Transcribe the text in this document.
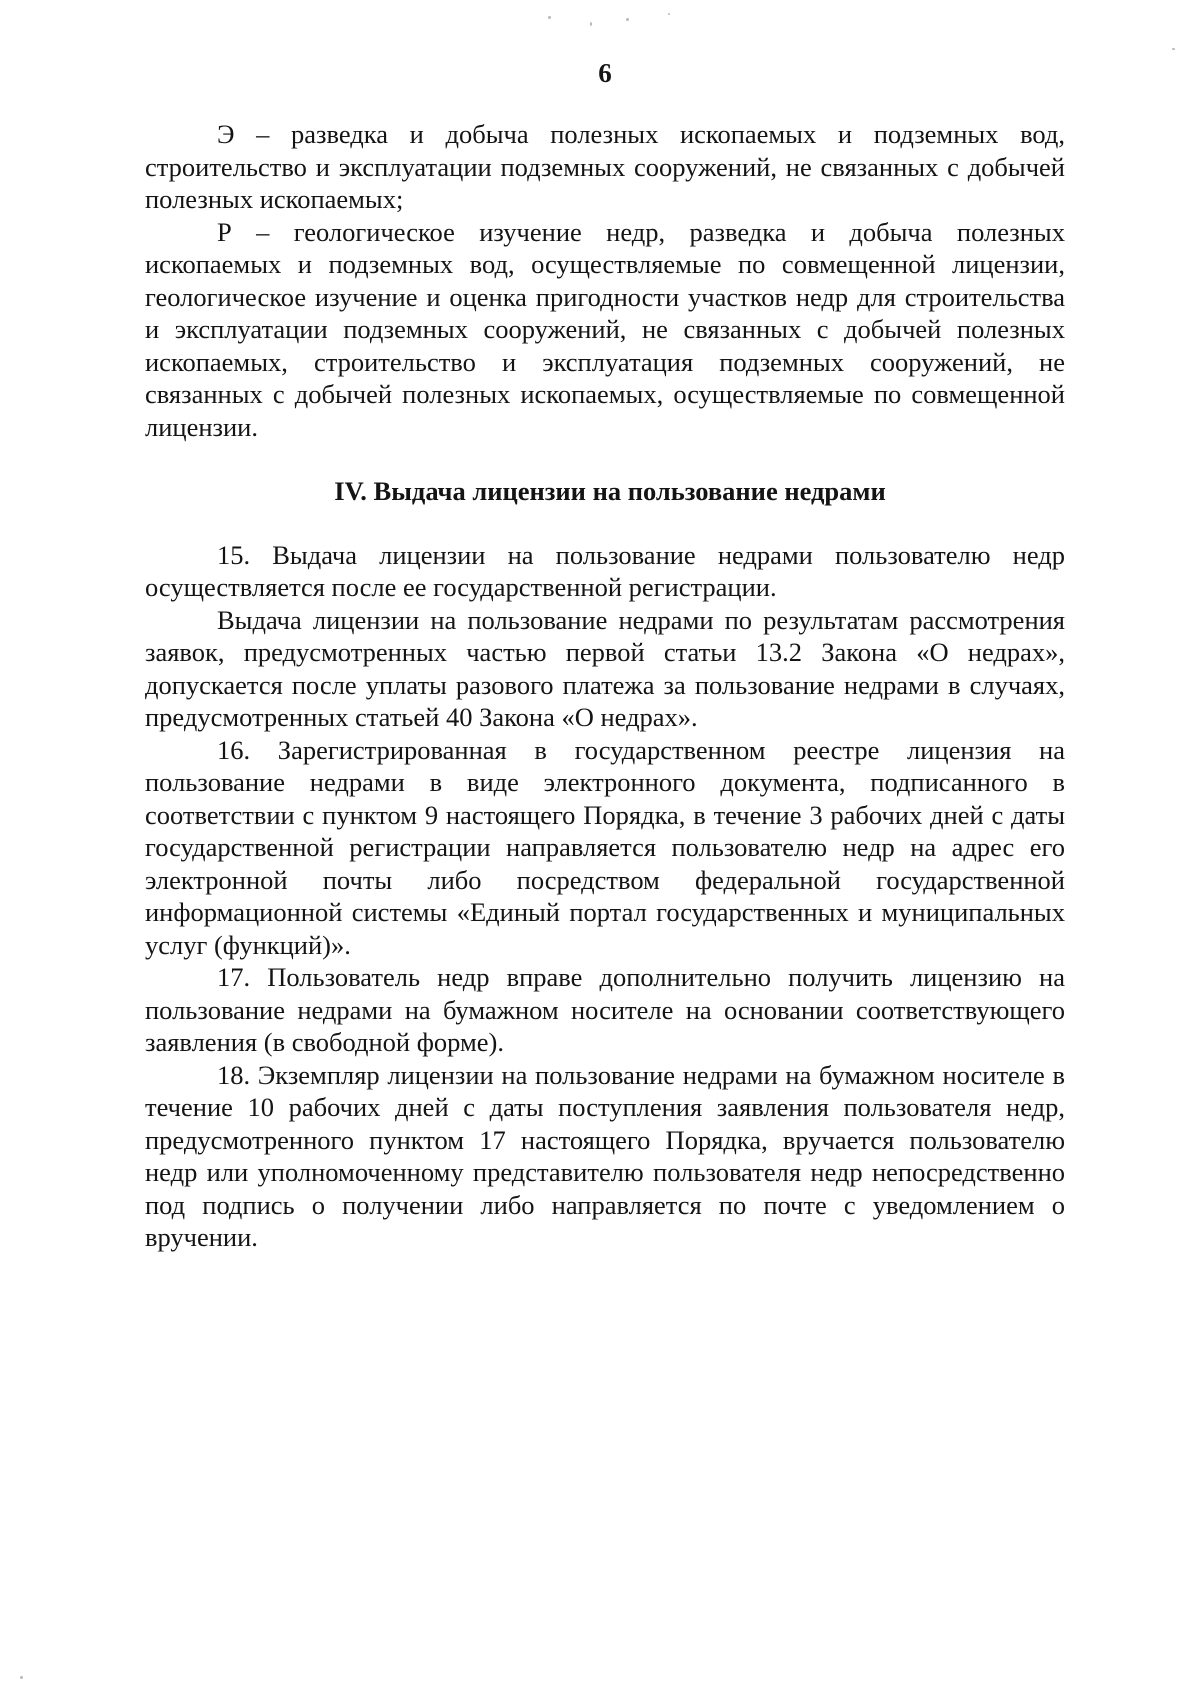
6

Э – разведка и добыча полезных ископаемых и подземных вод, строительство и эксплуатации подземных сооружений, не связанных с добычей полезных ископаемых;

Р – геологическое изучение недр, разведка и добыча полезных ископаемых и подземных вод, осуществляемые по совмещенной лицензии, геологическое изучение и оценка пригодности участков недр для строительства и эксплуатации подземных сооружений, не связанных с добычей полезных ископаемых, строительство и эксплуатация подземных сооружений, не связанных с добычей полезных ископаемых, осуществляемые по совмещенной лицензии.

IV. Выдача лицензии на пользование недрами

15. Выдача лицензии на пользование недрами пользователю недр осуществляется после ее государственной регистрации.

Выдача лицензии на пользование недрами по результатам рассмотрения заявок, предусмотренных частью первой статьи 13.2 Закона «О недрах», допускается после уплаты разового платежа за пользование недрами в случаях, предусмотренных статьей 40 Закона «О недрах».

16. Зарегистрированная в государственном реестре лицензия на пользование недрами в виде электронного документа, подписанного в соответствии с пунктом 9 настоящего Порядка, в течение 3 рабочих дней с даты государственной регистрации направляется пользователю недр на адрес его электронной почты либо посредством федеральной государственной информационной системы «Единый портал государственных и муниципальных услуг (функций)».

17. Пользователь недр вправе дополнительно получить лицензию на пользование недрами на бумажном носителе на основании соответствующего заявления (в свободной форме).

18. Экземпляр лицензии на пользование недрами на бумажном носителе в течение 10 рабочих дней с даты поступления заявления пользователя недр, предусмотренного пунктом 17 настоящего Порядка, вручается пользователю недр или уполномоченному представителю пользователя недр непосредственно под подпись о получении либо направляется по почте с уведомлением о вручении.
